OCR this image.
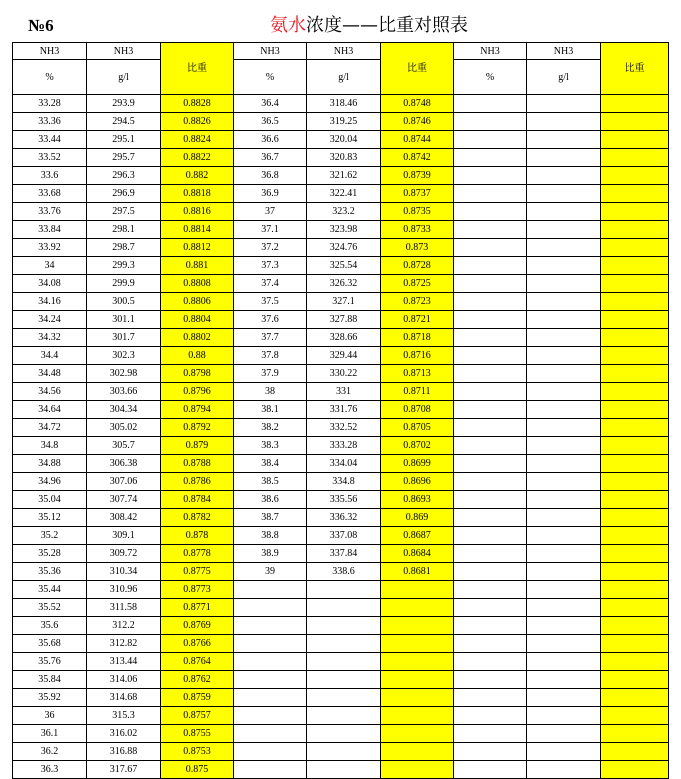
№6	氨水浓度——比重对照表
NH3	NH3	比重	NH3	NH3	比重	NH3	NH3	比重
%	g/l		%	g/l		%	g/l	
33.28	293.9	0.8828	36.4	318.46	0.8748			
33.36	294.5	0.8826	36.5	319.25	0.8746			
33.44	295.1	0.8824	36.6	320.04	0.8744			
33.52	295.7	0.8822	36.7	320.83	0.8742			
33.6	296.3	0.882	36.8	321.62	0.8739			
33.68	296.9	0.8818	36.9	322.41	0.8737			
33.76	297.5	0.8816	37	323.2	0.8735			
33.84	298.1	0.8814	37.1	323.98	0.8733			
33.92	298.7	0.8812	37.2	324.76	0.873			
34	299.3	0.881	37.3	325.54	0.8728			
34.08	299.9	0.8808	37.4	326.32	0.8725			
34.16	300.5	0.8806	37.5	327.1	0.8723			
34.24	301.1	0.8804	37.6	327.88	0.8721			
34.32	301.7	0.8802	37.7	328.66	0.8718			
34.4	302.3	0.88	37.8	329.44	0.8716			
34.48	302.98	0.8798	37.9	330.22	0.8713			
34.56	303.66	0.8796	38	331	0.8711			
34.64	304.34	0.8794	38.1	331.76	0.8708			
34.72	305.02	0.8792	38.2	332.52	0.8705			
34.8	305.7	0.879	38.3	333.28	0.8702			
34.88	306.38	0.8788	38.4	334.04	0.8699			
34.96	307.06	0.8786	38.5	334.8	0.8696			
35.04	307.74	0.8784	38.6	335.56	0.8693			
35.12	308.42	0.8782	38.7	336.32	0.869			
35.2	309.1	0.878	38.8	337.08	0.8687			
35.28	309.72	0.8778	38.9	337.84	0.8684			
35.36	310.34	0.8775	39	338.6	0.8681			
35.44	310.96	0.8773						
35.52	311.58	0.8771						
35.6	312.2	0.8769						
35.68	312.82	0.8766						
35.76	313.44	0.8764						
35.84	314.06	0.8762						
35.92	314.68	0.8759						
36	315.3	0.8757						
36.1	316.02	0.8755						
36.2	316.88	0.8753						
36.3	317.67	0.875						
